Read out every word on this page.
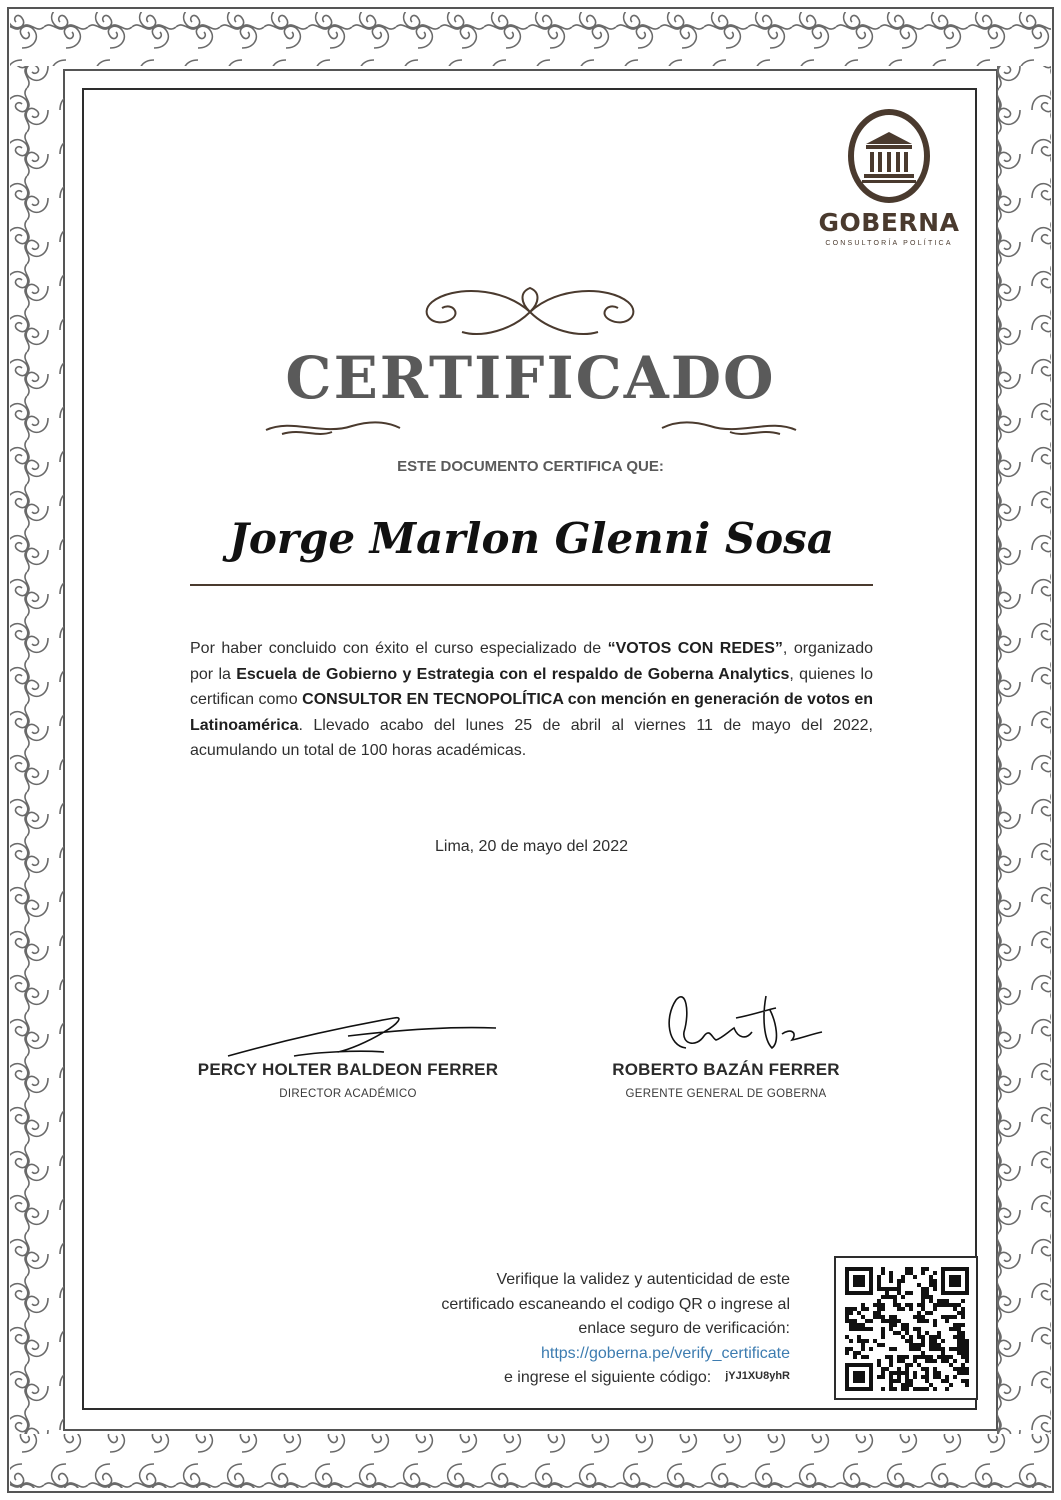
GOBERNA
CONSULTORÍA POLÍTICA
CERTIFICADO
ESTE DOCUMENTO CERTIFICA QUE:
Jorge Marlon Glenni Sosa
Por haber concluido con éxito el curso especializado de “VOTOS CON REDES”, organizado por la Escuela de Gobierno y Estrategia con el respaldo de Goberna Analytics, quienes lo certifican como CONSULTOR EN TECNOPOLÍTICA con mención en generación de votos en Latinoamérica. Llevado acabo del lunes 25 de abril al viernes 11 de mayo del 2022, acumulando un total de 100 horas académicas.
Lima, 20 de mayo del 2022
PERCY HOLTER BALDEON FERRER
DIRECTOR ACADÉMICO
ROBERTO BAZÁN FERRER
GERENTE GENERAL DE GOBERNA
Verifique la validez y autenticidad de este
certificado escaneando el codigo QR o ingrese al
enlace seguro de verificación:
https://goberna.pe/verify_certificate
e ingrese el siguiente código: jYJ1XU8yhR
